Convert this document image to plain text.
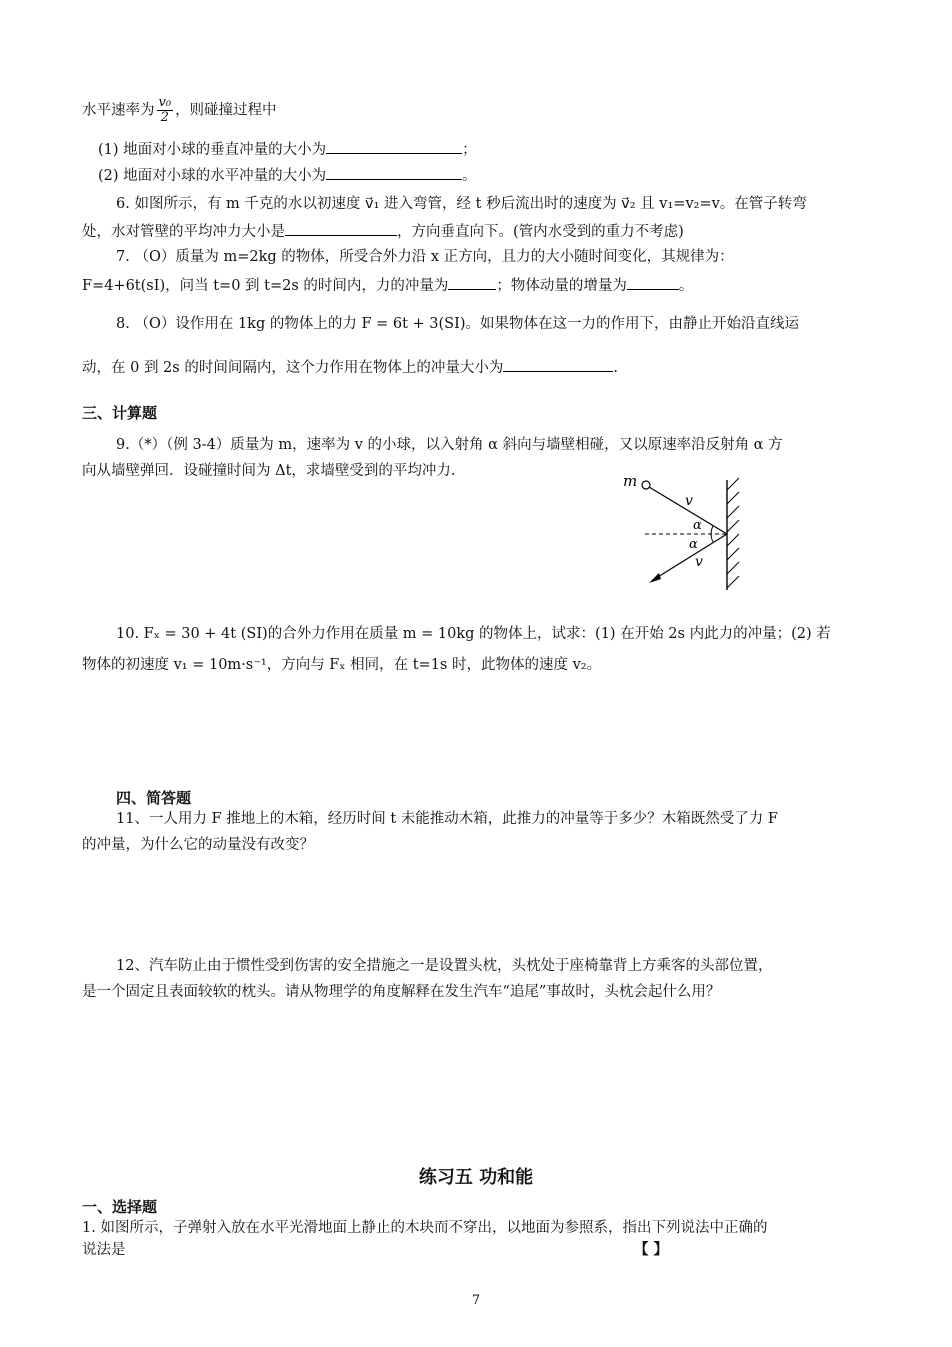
水平速率为 $\frac{\text{v₀}}{2}$ ，则碰撞过程中
(1) 地面对小球的垂直冲量的大小为	；
(2) 地面对小球的水平冲量的大小为	。
6. 如图所示，有 m 千克的水以初速度 v⃗₁ 进入弯管，经 t 秒后流出时的速度为 v⃗₂ 且 v₁=v₂=v。在管子转弯
处，水对管壁的平均冲力大小是	，方向垂直向下。(管内水受到的重力不考虑)
7. （O）质量为 m=2kg 的物体，所受合外力沿 x 正方向，且力的大小随时间变化，其规律为：
F=4+6t(sI)，问当 t=0 到 t=2s 的时间内，力的冲量为	；物体动量的增量为	。
8. （O）设作用在 1kg 的物体上的力 F = 6t + 3(SI)。如果物体在这一力的作用下，由静止开始沿直线运
动，在 0 到 2s 的时间间隔内，这个力作用在物体上的冲量大小为	.
三、计算题
9.（*）（例 3-4）质量为 m，速率为 v 的小球，以入射角 α 斜向与墙壁相碰，又以原速率沿反射角 α 方
向从墙壁弹回．设碰撞时间为 Δt，求墙壁受到的平均冲力.
m
v
α
α
v
10. Fₓ = 30 + 4t (SI)的合外力作用在质量 m = 10kg 的物体上，试求：(1) 在开始 2s 内此力的冲量；(2) 若
物体的初速度 v₁ = 10m·s⁻¹，方向与 Fₓ 相同，在 t=1s 时，此物体的速度 v₂。
四、简答题
11、一人用力 F 推地上的木箱，经历时间 t 未能推动木箱，此推力的冲量等于多少？木箱既然受了力 F
的冲量，为什么它的动量没有改变？
12、汽车防止由于惯性受到伤害的安全措施之一是设置头枕，头枕处于座椅靠背上方乘客的头部位置，
是一个固定且表面较软的枕头。请从物理学的角度解释在发生汽车“追尾”事故时，头枕会起什么用？
练习五 功和能
一、选择题
1. 如图所示，子弹射入放在水平光滑地面上静止的木块而不穿出，以地面为参照系，指出下列说法中正确的
说法是	【 】
7
